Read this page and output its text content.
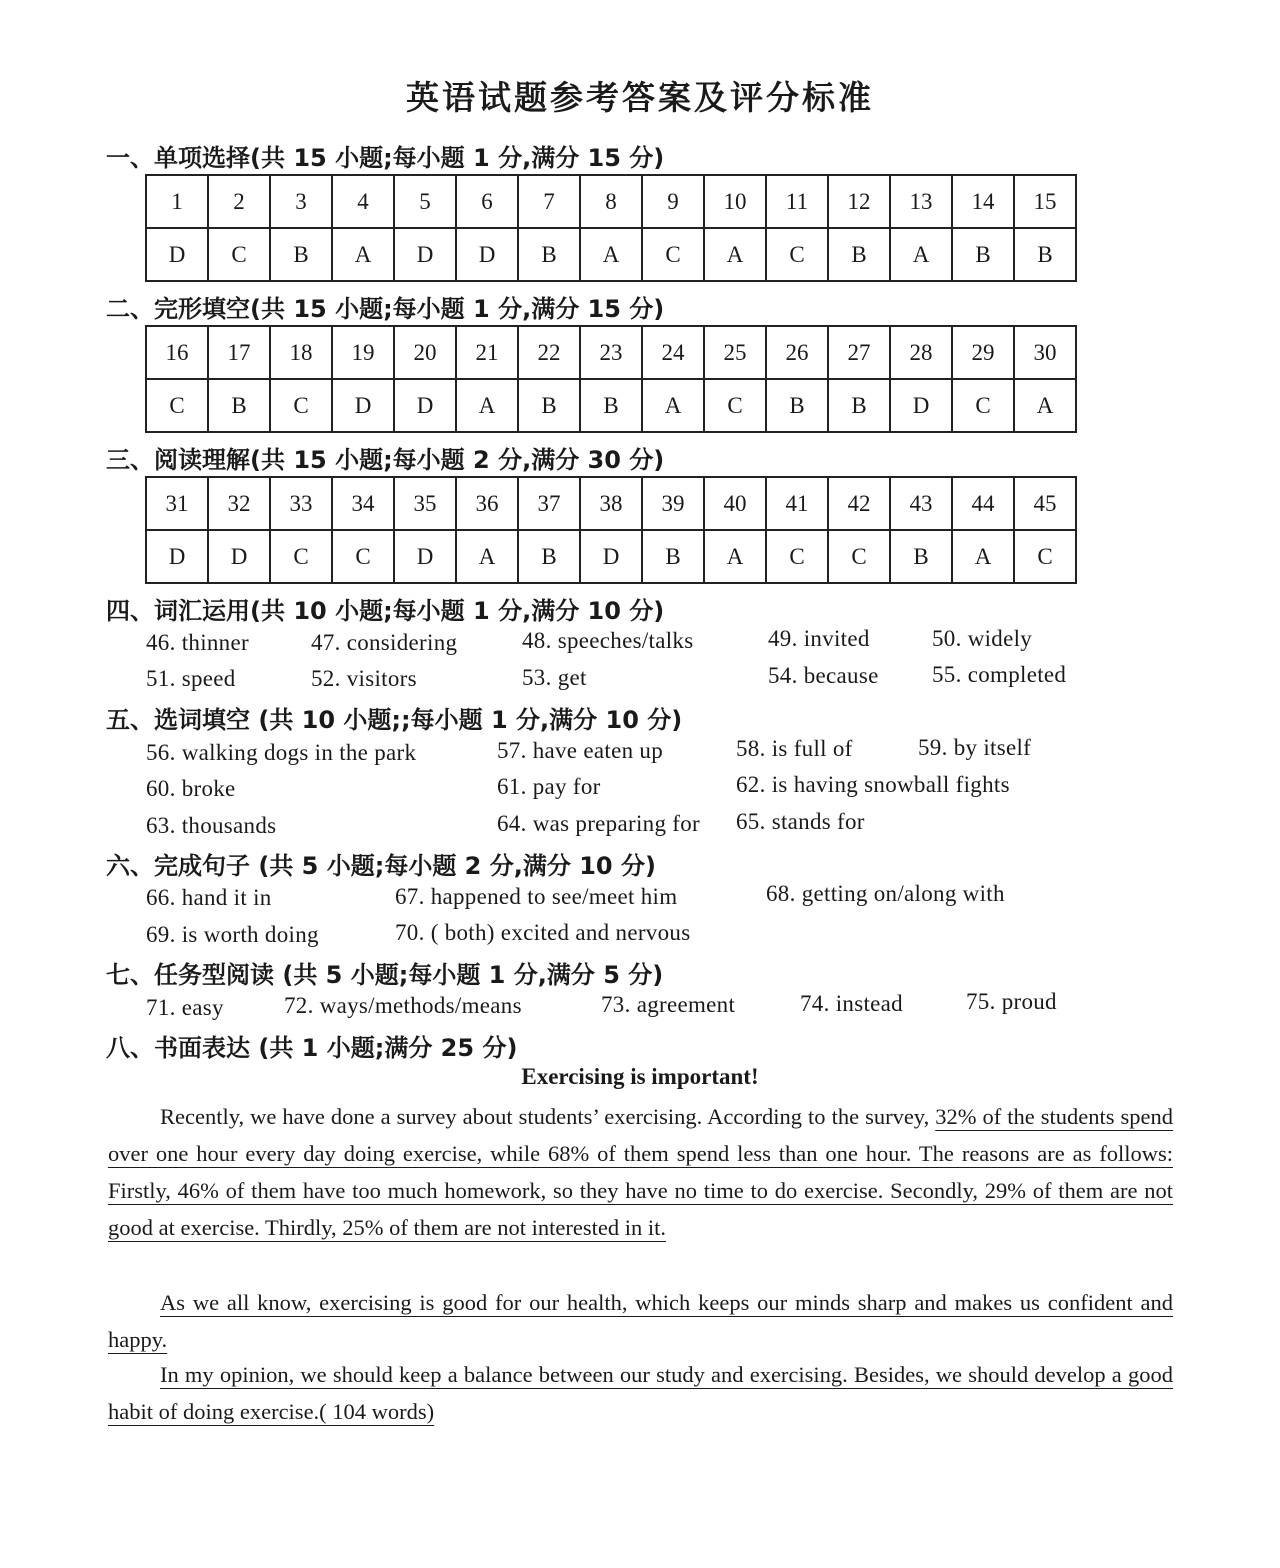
英语试题参考答案及评分标准
一、单项选择(共 15 小题;每小题 1 分,满分 15 分)
1	2	3	4	5	6	7	8	9	10	11	12	13	14	15
D	C	B	A	D	D	B	A	C	A	C	B	A	B	B
二、完形填空(共 15 小题;每小题 1 分,满分 15 分)
16	17	18	19	20	21	22	23	24	25	26	27	28	29	30
C	B	C	D	D	A	B	B	A	C	B	B	D	C	A
三、阅读理解(共 15 小题;每小题 2 分,满分 30 分)
31	32	33	34	35	36	37	38	39	40	41	42	43	44	45
D	D	C	C	D	A	B	D	B	A	C	C	B	A	C
四、词汇运用(共 10 小题;每小题 1 分,满分 10 分)
46. thinner	47. considering	48. speeches/talks	49. invited	50. widely
51. speed	52. visitors	53. get	54. because 55. completed
五、选词填空 (共 10 小题;;每小题 1 分,满分 10 分)
56. walking dogs in the park	57. have eaten up	58. is full of	59. by itself
60. broke	61. pay for	62. is having snowball fights
63. thousands	64. was preparing for 65. stands for
六、完成句子 (共 5 小题;每小题 2 分,满分 10 分)
66. hand it in	67. happened to see/meet him	68. getting on/along with
69. is worth doing	70. ( both) excited and nervous
七、任务型阅读 (共 5 小题;每小题 1 分,满分 5 分)
71. easy	72. ways/methods/means	73. agreement	74. instead	75. proud
八、书面表达 (共 1 小题;满分 25 分)
Exercising is important!
Recently, we have done a survey about students’ exercising. According to the survey, 32% of the students spend over one hour every day doing exercise, while 68% of them spend less than one hour. The reasons are as follows: Firstly, 46% of them have too much homework, so they have no time to do exercise. Secondly, 29% of them are not good at exercise. Thirdly, 25% of them are not interested in it.
As we all know, exercising is good for our health, which keeps our minds sharp and makes us confident and happy.
In my opinion, we should keep a balance between our study and exercising. Besides, we should develop a good habit of doing exercise.( 104 words)
